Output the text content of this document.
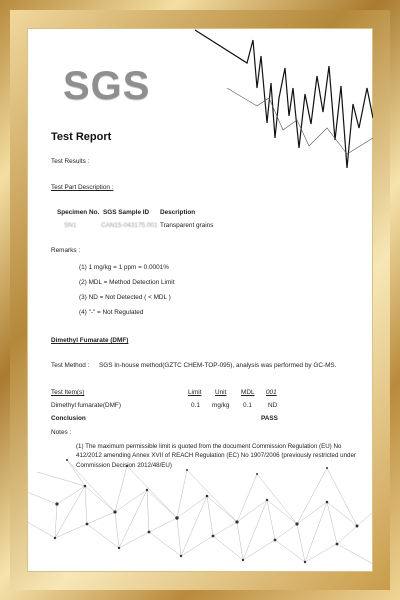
SGS
Test Report
Test Results :
Test Part Description :
Specimen No. SGS Sample ID Description
SN1	CAN15-043175.001 Transparent grains
Remarks :
(1) 1 mg/kg = 1 ppm = 0.0001%
(2) MDL = Method Detection Limit
(3) ND = Not Detected ( < MDL )
(4) "-" = Not Regulated
Dimethyl Fumarate (DMF)
Test Method : SGS In-house method(GZTC CHEM-TOP-095), analysis was performed by GC-MS.
Test Item(s)	Limit Unit MDL 001
Dimethyl fumarate(DMF)	0.1 mg/kg 0.1	ND
Conclusion	PASS
Notes :
(1) The maximum permissible limit is quoted from the document Commission Regulation (EU) No 412/2012 amending Annex XVII of REACH Regulation (EC) No 1907/2006 (previously restricted under Commission Decision 2012/48/EU)
